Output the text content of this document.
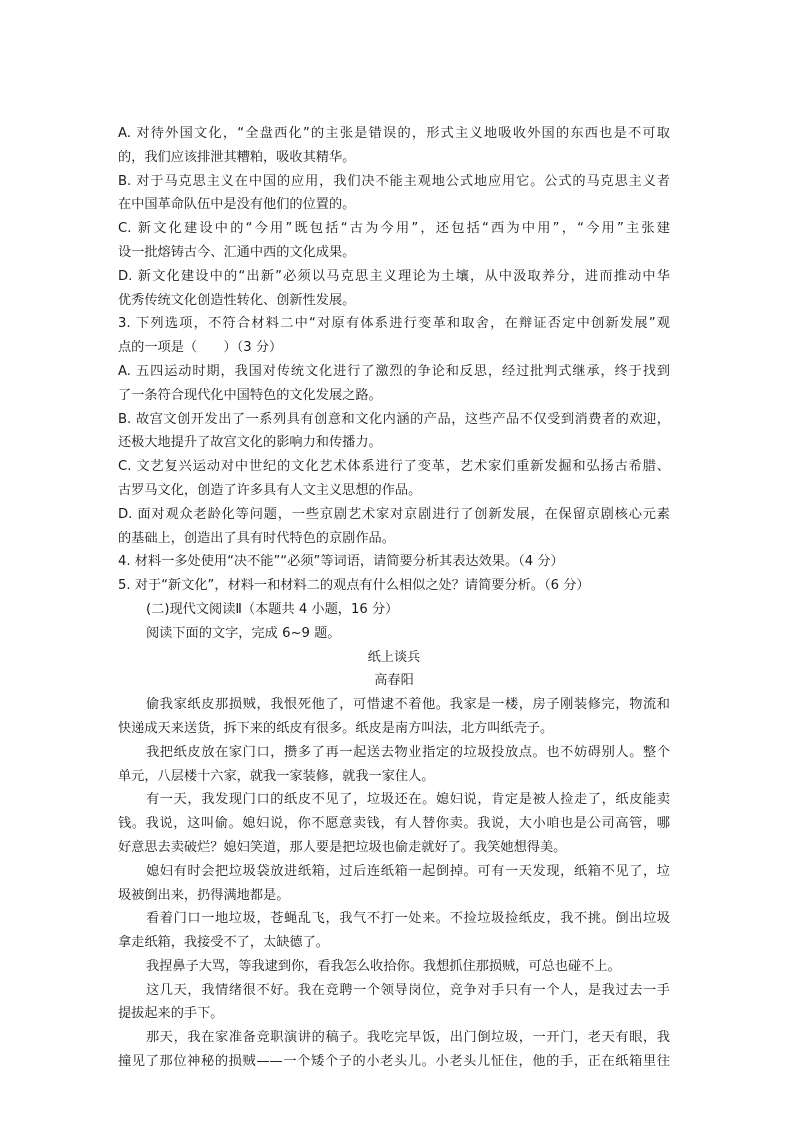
A. 对待外国文化，“全盘西化”的主张是错误的，形式主义地吸收外国的东西也是不可取
的，我们应该排泄其糟粕，吸收其精华。
B. 对于马克思主义在中国的应用，我们决不能主观地公式地应用它。公式的马克思主义者
在中国革命队伍中是没有他们的位置的。
C. 新文化建设中的“今用”既包括“古为今用”，还包括“西为中用”，“今用”主张建
设一批熔铸古今、汇通中西的文化成果。
D. 新文化建设中的“出新”必须以马克思主义理论为土壤，从中汲取养分，进而推动中华
优秀传统文化创造性转化、创新性发展。
3. 下列选项，不符合材料二中“对原有体系进行变革和取舍，在辩证否定中创新发展”观
点的一项是（　　）（3 分）
A. 五四运动时期，我国对传统文化进行了激烈的争论和反思，经过批判式继承，终于找到
了一条符合现代化中国特色的文化发展之路。
B. 故宫文创开发出了一系列具有创意和文化内涵的产品，这些产品不仅受到消费者的欢迎，
还极大地提升了故宫文化的影响力和传播力。
C. 文艺复兴运动对中世纪的文化艺术体系进行了变革，艺术家们重新发掘和弘扬古希腊、
古罗马文化，创造了许多具有人文主义思想的作品。
D. 面对观众老龄化等问题，一些京剧艺术家对京剧进行了创新发展，在保留京剧核心元素
的基础上，创造出了具有时代特色的京剧作品。
4. 材料一多处使用“决不能”“必须”等词语，请简要分析其表达效果。（4 分）
5. 对于“新文化”，材料一和材料二的观点有什么相似之处？请简要分析。（6 分）
(二)现代文阅读Ⅱ（本题共 4 小题，16 分）
阅读下面的文字，完成 6~9 题。
纸上谈兵
高春阳
偷我家纸皮那损贼，我恨死他了，可惜逮不着他。我家是一楼，房子刚装修完，物流和
快递成天来送货，拆下来的纸皮有很多。纸皮是南方叫法，北方叫纸壳子。
我把纸皮放在家门口，攒多了再一起送去物业指定的垃圾投放点。也不妨碍别人。整个
单元，八层楼十六家，就我一家装修，就我一家住人。
有一天，我发现门口的纸皮不见了，垃圾还在。媳妇说，肯定是被人捡走了，纸皮能卖
钱。我说，这叫偷。媳妇说，你不愿意卖钱，有人替你卖。我说，大小咱也是公司高管，哪
好意思去卖破烂？媳妇笑道，那人要是把垃圾也偷走就好了。我笑她想得美。
媳妇有时会把垃圾袋放进纸箱，过后连纸箱一起倒掉。可有一天发现，纸箱不见了，垃
圾被倒出来，扔得满地都是。
看着门口一地垃圾，苍蝇乱飞，我气不打一处来。不捡垃圾捡纸皮，我不挑。倒出垃圾
拿走纸箱，我接受不了，太缺德了。
我捏鼻子大骂，等我逮到你，看我怎么收拾你。我想抓住那损贼，可总也碰不上。
这几天，我情绪很不好。我在竞聘一个领导岗位，竞争对手只有一个人，是我过去一手
提拔起来的手下。
那天，我在家准备竞职演讲的稿子。我吃完早饭，出门倒垃圾，一开门，老天有眼，我
撞见了那位神秘的损贼——一个矮个子的小老头儿。小老头儿怔住，他的手，正在纸箱里往
